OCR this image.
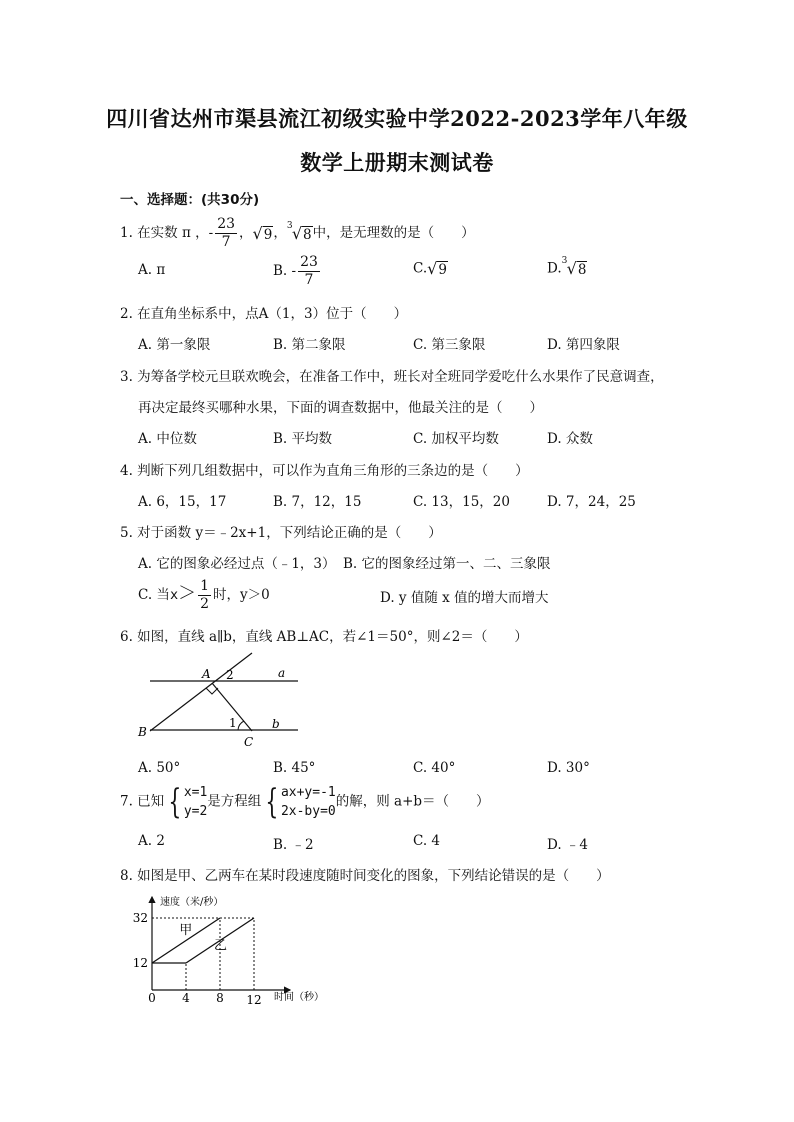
四川省达州市渠县流江初级实验中学2022-2023学年八年级
数学上册期末测试卷
一、选择题：(共30分)
1. 在实数 π ，- $\frac{23}{7}$ ， √ 9 ， 3 √ 8 中，是无理数的是（　　）
A. π	B. - $\frac{23}{7}$	C. √ 9	D. 3 √ 8
2. 在直角坐标系中，点A（1，3）位于（　　）
A. 第一象限	B. 第二象限	C. 第三象限	D. 第四象限
3. 为筹备学校元旦联欢晚会，在准备工作中，班长对全班同学爱吃什么水果作了民意调查，
再决定最终买哪种水果，下面的调查数据中，他最关注的是（　　）
A. 中位数	B. 平均数	C. 加权平均数	D. 众数
4. 判断下列几组数据中，可以作为直角三角形的三条边的是（　　）
A. 6，15，17	B. 7，12，15	C. 13，15，20	D. 7，24，25
5. 对于函数 y＝﹣2x+1，下列结论正确的是（　　）
A. 它的图象必经过点（﹣1，3） B. 它的图象经过第一、二、三象限
C. 当$x> \frac{1}{2}$ 时，y＞0	D. y 值随 x 值的增大而增大
6. 如图，直线 a∥b，直线 AB⊥AC，若∠1＝50°，则∠2＝（　　）
A
B
C
a
b
1
2
A. 50°	B. 45°	C. 40°	D. 30°
7. 已知 { x=1
y=2
是方程组 { ax+y=-1
2x-by=0
的解，则 a+b＝（　　）
A. 2	B. ﹣2	C. 4	D. ﹣4
8. 如图是甲、乙两车在某时段速度随时间变化的图象，下列结论错误的是（　　）
速度（米/秒）
时间（秒）
32
12
0 4 8 12
甲
乙
